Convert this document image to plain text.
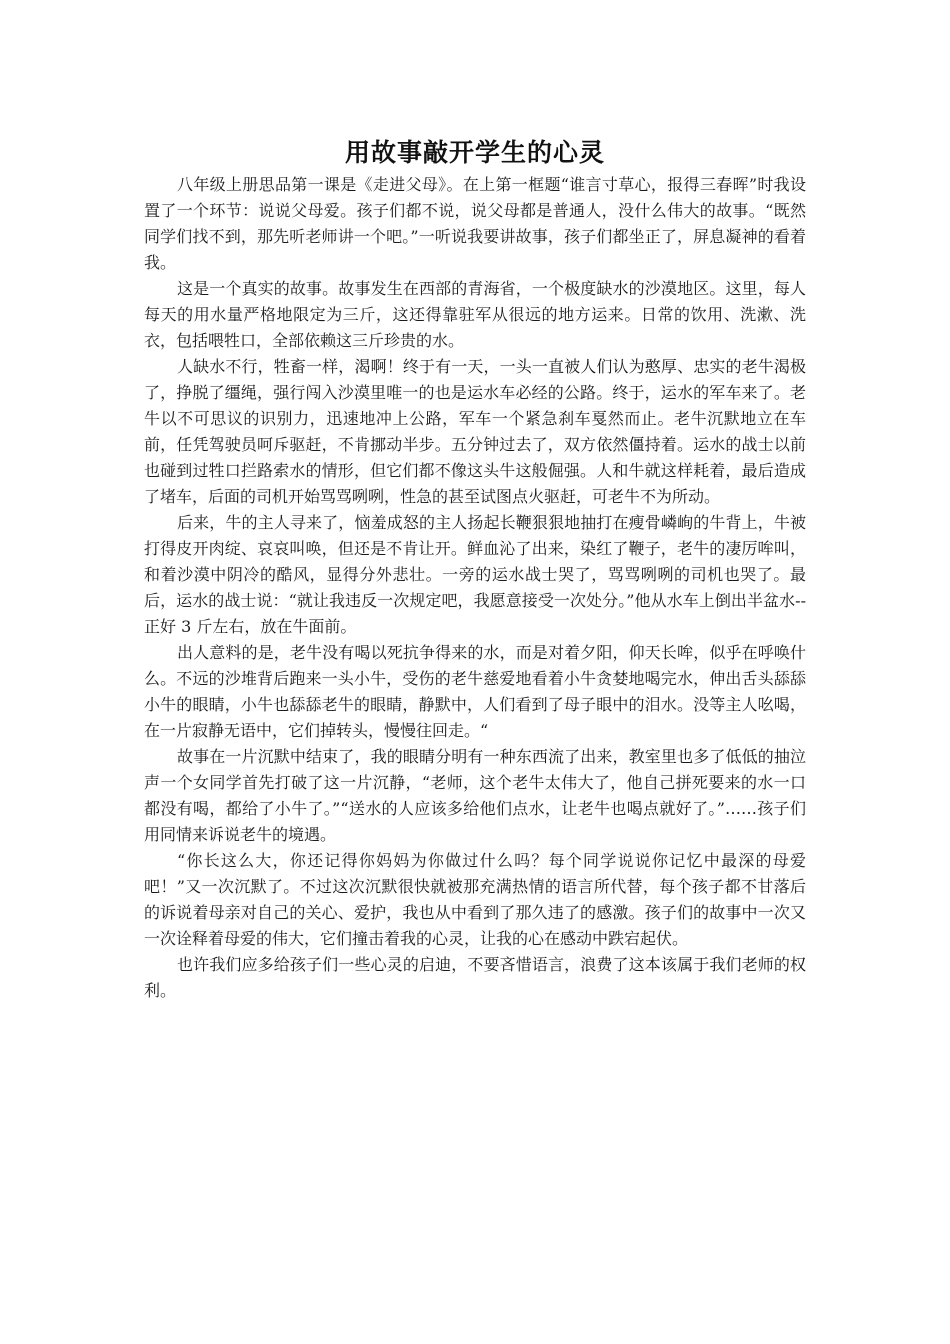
用故事敲开学生的心灵

八年级上册思品第一课是《走进父母》。在上第一框题“谁言寸草心，报得三春晖”时我设置了一个环节：说说父母爱。孩子们都不说，说父母都是普通人，没什么伟大的故事。“既然同学们找不到，那先听老师讲一个吧。”一听说我要讲故事，孩子们都坐正了，屏息凝神的看着我。

这是一个真实的故事。故事发生在西部的青海省，一个极度缺水的沙漠地区。这里，每人每天的用水量严格地限定为三斤，这还得靠驻军从很远的地方运来。日常的饮用、洗漱、洗衣，包括喂牲口，全部依赖这三斤珍贵的水。

人缺水不行，牲畜一样，渴啊！终于有一天，一头一直被人们认为憨厚、忠实的老牛渴极了，挣脱了缰绳，强行闯入沙漠里唯一的也是运水车必经的公路。终于，运水的军车来了。老牛以不可思议的识别力，迅速地冲上公路，军车一个紧急刹车戛然而止。老牛沉默地立在车前，任凭驾驶员呵斥驱赶，不肯挪动半步。五分钟过去了，双方依然僵持着。运水的战士以前也碰到过牲口拦路索水的情形，但它们都不像这头牛这般倔强。人和牛就这样耗着，最后造成了堵车，后面的司机开始骂骂咧咧，性急的甚至试图点火驱赶，可老牛不为所动。

后来，牛的主人寻来了，恼羞成怒的主人扬起长鞭狠狠地抽打在瘦骨嶙峋的牛背上，牛被打得皮开肉绽、哀哀叫唤，但还是不肯让开。鲜血沁了出来，染红了鞭子，老牛的凄厉哞叫，和着沙漠中阴冷的酷风，显得分外悲壮。一旁的运水战士哭了，骂骂咧咧的司机也哭了。最后，运水的战士说：“就让我违反一次规定吧，我愿意接受一次处分。”他从水车上倒出半盆水--正好 3 斤左右，放在牛面前。

出人意料的是，老牛没有喝以死抗争得来的水，而是对着夕阳，仰天长哞，似乎在呼唤什么。不远的沙堆背后跑来一头小牛，受伤的老牛慈爱地看着小牛贪婪地喝完水，伸出舌头舔舔小牛的眼睛，小牛也舔舔老牛的眼睛，静默中，人们看到了母子眼中的泪水。没等主人吆喝，在一片寂静无语中，它们掉转头，慢慢往回走。“

故事在一片沉默中结束了，我的眼睛分明有一种东西流了出来，教室里也多了低低的抽泣声一个女同学首先打破了这一片沉静，“老师，这个老牛太伟大了，他自己拼死要来的水一口都没有喝，都给了小牛了。”“送水的人应该多给他们点水，让老牛也喝点就好了。”……孩子们用同情来诉说老牛的境遇。

“你长这么大，你还记得你妈妈为你做过什么吗？每个同学说说你记忆中最深的母爱吧！”又一次沉默了。不过这次沉默很快就被那充满热情的语言所代替，每个孩子都不甘落后的诉说着母亲对自己的关心、爱护，我也从中看到了那久违了的感激。孩子们的故事中一次又一次诠释着母爱的伟大，它们撞击着我的心灵，让我的心在感动中跌宕起伏。

也许我们应多给孩子们一些心灵的启迪，不要吝惜语言，浪费了这本该属于我们老师的权利。
